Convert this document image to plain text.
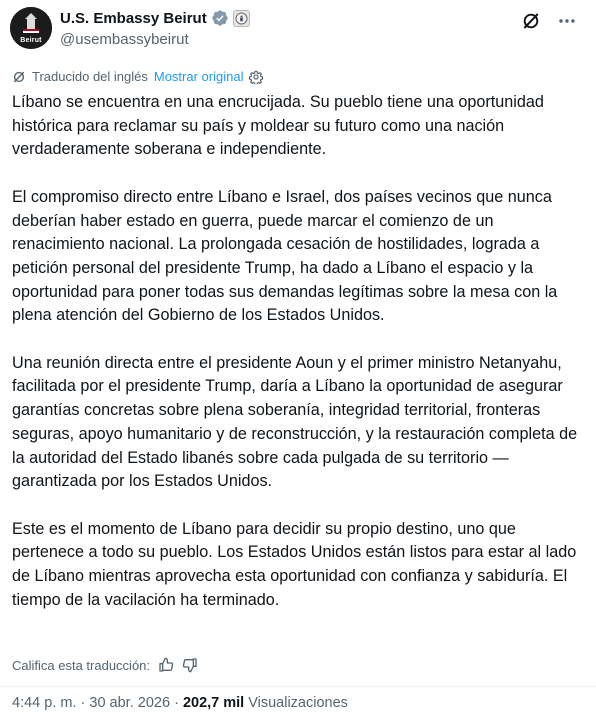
Beirut
U.S. Embassy Beirut
@usembassybeirut
Traducido del inglés Mostrar original

Líbano se encuentra en una encrucijada. Su pueblo tiene una oportunidad histórica para reclamar su país y moldear su futuro como una nación verdaderamente soberana e independiente.

El compromiso directo entre Líbano e Israel, dos países vecinos que nunca deberían haber estado en guerra, puede marcar el comienzo de un renacimiento nacional. La prolongada cesación de hostilidades, lograda a petición personal del presidente Trump, ha dado a Líbano el espacio y la oportunidad para poner todas sus demandas legítimas sobre la mesa con la plena atención del Gobierno de los Estados Unidos.

Una reunión directa entre el presidente Aoun y el primer ministro Netanyahu, facilitada por el presidente Trump, daría a Líbano la oportunidad de asegurar garantías concretas sobre plena soberanía, integridad territorial, fronteras seguras, apoyo humanitario y de reconstrucción, y la restauración completa de la autoridad del Estado libanés sobre cada pulgada de su territorio —garantizada por los Estados Unidos.

Este es el momento de Líbano para decidir su propio destino, uno que pertenece a todo su pueblo. Los Estados Unidos están listos para estar al lado de Líbano mientras aprovecha esta oportunidad con confianza y sabiduría. El tiempo de la vacilación ha terminado.

Califica esta traducción:
4:44 p. m. · 30 abr. 2026 · 202,7 mil Visualizaciones
